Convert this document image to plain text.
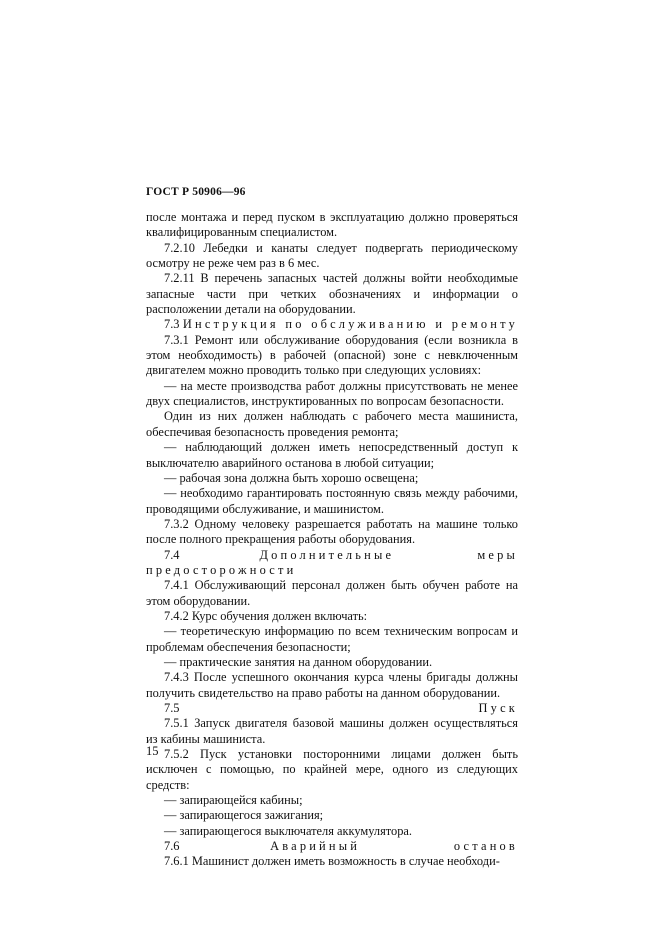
ГОСТ Р 50906—96

после монтажа и перед пуском в эксплуатацию должно проверяться квалифицированным специалистом.

7.2.10 Лебедки и канаты следует подвергать периодическому осмотру не реже чем раз в 6 мес.

7.2.11 В перечень запасных частей должны войти необходимые запасные части при четких обозначениях и информации о расположении детали на оборудовании.

7.3 Инструкция по обслуживанию и ремонту

7.3.1 Ремонт или обслуживание оборудования (если возникла в этом необходимость) в рабочей (опасной) зоне с невключенным двигателем можно проводить только при следующих условиях:

— на месте производства работ должны присутствовать не менее двух специалистов, инструктированных по вопросам безопасности.

Один из них должен наблюдать с рабочего места машиниста, обеспечивая безопасность проведения ремонта;

— наблюдающий должен иметь непосредственный доступ к выключателю аварийного останова в любой ситуации;

— рабочая зона должна быть хорошо освещена;

— необходимо гарантировать постоянную связь между рабочими, проводящими обслуживание, и машинистом.

7.3.2 Одному человеку разрешается работать на машине только после полного прекращения работы оборудования.

7.4 Дополнительные меры предосторожности

7.4.1 Обслуживающий персонал должен быть обучен работе на этом оборудовании.

7.4.2 Курс обучения должен включать:

— теоретическую информацию по всем техническим вопросам и проблемам обеспечения безопасности;

— практические занятия на данном оборудовании.

7.4.3 После успешного окончания курса члены бригады должны получить свидетельство на право работы на данном оборудовании.

7.5 Пуск

7.5.1 Запуск двигателя базовой машины должен осуществляться из кабины машиниста.

7.5.2 Пуск установки посторонними лицами должен быть исключен с помощью, по крайней мере, одного из следующих средств:

— запирающейся кабины;

— запирающегося зажигания;

— запирающегося выключателя аккумулятора.

7.6 Аварийный останов

7.6.1 Машинист должен иметь возможность в случае необходи-

15
